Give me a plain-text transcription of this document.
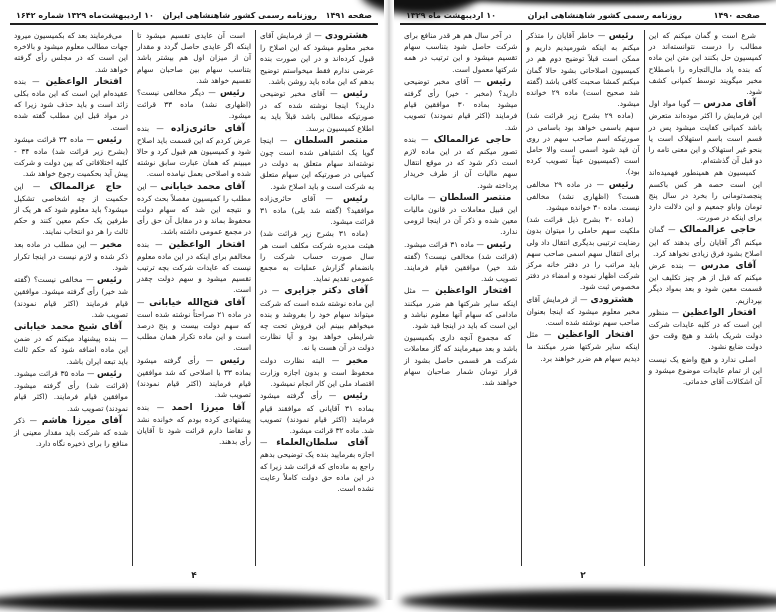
صفحه ۱۴۹۱
روزنامه رسمی کشور شاهنشاهی ایران
۱۰ اردیبهشت‌ماه ۱۳۲۹ شماره ۱۶۴۲

هشترودی — از فرمایش آقای مخبر معلوم میشود که این اصلاح را قبول کرده‌اند و در این صورت بنده عرضی ندارم فقط میخواستم توضیح بدهم که این ماده باید روشن باشد.

رئیس — آقای مخبر توضیحی دارید؟ اینجا نوشته شده که در صورتیکه مطالبی باشد قبلاً باید به اطلاع کمیسیون برسد.

منتصر السلطان — اینجا گویا یک اشتباهی شده است چون نوشته‌اند سهام متعلق به دولت در کمپانی در صورتیکه این سهام متعلق به شرکت است و باید اصلاح شود.

رئیس — آقای حائری‌زاده موافقید؟ (گفته شد بلی) ماده ۳۱ قرائت میشود.

(ماده ۳۱ بشرح زیر قرائت شد) هیئت مدیره شرکت مکلف است هر سال صورت حساب شرکت را بانضمام گزارش عملیات به مجمع عمومی تقدیم نماید.

آقای دکتر جزایری — در این ماده نوشته شده است که شرکت میتواند سهام خود را بفروشد و بنده میخواهم ببینم این فروش تحت چه شرایطی خواهد بود و آیا نظارت دولت در آن هست یا نه.

مخبر — البته نظارت دولت محفوظ است و بدون اجازه وزارت اقتصاد ملی این کار انجام نمیشود.

رئیس — رأی گرفته میشود بماده ۳۱ آقایانی که موافقند قیام فرمایند (اکثر قیام نمودند) تصویب شد. ماده ۳۲ قرائت میشود.

آقای سلطان‌العلماء — اجازه بفرمایید بنده یک توضیحی بدهم راجع به ماده‌ای که قرائت شد زیرا که در این ماده حق دولت کاملاً رعایت نشده است.

است آن عایدی تقسیم میشود تا اینکه اگر عایدی حاصل گردد و مقدار آن از میزان اول هم بیشتر باشد بتناسب سهام بین صاحبان سهام تقسیم خواهد شد.

رئیس — دیگر مخالفی نیست؟ (اظهاری نشد) ماده ۳۳ قرائت میشود.

آقای حائری‌زاده — بنده عرض کردم که این قسمت باید اصلاح شود و کمیسیون هم قبول کرد و حالا میبینم که همان عبارت سابق نوشته شده و اصلاحی بعمل نیامده است.

آقای محمد خیابانی — این مطلب را کمیسیون مفصلاً بحث کرده و نتیجه این شد که سهام دولت محفوظ بماند و در مقابل آن حق رأی در مجمع عمومی داشته باشد.

افتخار الواعظین — بنده مخالفم برای اینکه در این ماده معلوم نیست که عایدات شرکت بچه ترتیب تقسیم میشود و سهم دولت چقدر است.

آقای فتح‌الله خیابانی — در ماده ۲۱ صراحتاً نوشته شده است که سهم دولت بیست و پنج درصد است و این ماده تکرار همان مطلب است.

رئیس — رأی گرفته میشود بماده ۳۳ با اصلاحی که شد موافقین قیام فرمایند (اکثر قیام نمودند) تصویب شد.

آقا میرزا احمد — بنده پیشنهادی کرده بودم که خوانده نشد و تقاضا دارم قرائت شود تا آقایان رأی بدهند.

می‌فرمایند بعد که بکمیسیون میرود جهات مطالب معلوم میشود و بالاخره این است که در مجلس رأی گرفته خواهد شد.

افتخار الواعظین — بنده عقیده‌ام این است که این ماده بکلی زائد است و باید حذف شود زیرا که در مواد قبل این مطلب گفته شده است.

رئیس — ماده ۳۴ قرائت میشود (بشرح زیر قرائت شد) ماده ۳۴ - کلیه اختلافاتی که بین دولت و شرکت پیش آید بحکمیت رجوع خواهد شد.

حاج عزالممالک — این حکمیت از چه اشخاصی تشکیل میشود؟ باید معلوم شود که هر یک از طرفین یک حکم معین کنند و حکم ثالث را هر دو انتخاب نمایند.

مخبر — این مطلب در ماده بعد ذکر شده و لازم نیست در اینجا تکرار شود.

رئیس — مخالفی نیست؟ (گفته شد خیر) رأی گرفته میشود. موافقین قیام فرمایند (اکثر قیام نمودند) تصویب شد.

آقای شیخ محمد خیابانی — بنده پیشنهاد میکنم که در ضمن این ماده اضافه شود که حکم ثالث باید تبعه ایران باشد.

رئیس — ماده ۳۵ قرائت میشود. (قرائت شد) رأی گرفته میشود. موافقین قیام فرمایند. (اکثر قیام نمودند) تصویب شد.

آقای میرزا هاشم — ذکر شده که شرکت باید مقدار معینی از منافع را برای ذخیره نگاه دارد.

۴
صفحه ۱۴۹۰
روزنامه رسمی کشور شاهنشاهی ایران
۱۰ اردیبهشت ماه ۱۳۲۹

شرع است و گمان میکنم که این مطالب را درست نتوانسته‌اند در کمیسیون حل بکنند این متن این ماده که بنده یاد مال‌التجاره را باصطلاح مخبر میگویند توسط کمپانی کشف شود.

آقای مدرس — گویا مواد اول این فرمایش را اکثر موده‌اند متعرض باشد کمپانی کفایت میشود پس در قسم است باسم استهلاک است یا بنحو غیر استهلاک و این معنی تامه را دو قبل آن گذشته‌ام.

کمیسیون هم همینطور فهمیده‌اند این است حصه هر کس باکسم پنجصدتومانی را بخرد در سال پنج تومان واباو جمعیم و این دلالت دارد برای اینکه در صورت.

حاجی عزالممالک — گمان میکنم اگر آقایان رأی بدهند که این اصلاح بشود فرق زیادی نخواهد کرد.

آقای مدرس — بنده عرض میکنم که قبل از هر چیز تکلیف این قسمت معین شود و بعد بمواد دیگر بپردازیم.

افتخار الواعظین — منظور این است که در کلیه عایدات شرکت دولت شریک باشد و هیچ وقت حق دولت ضایع نشود.

اصلی ندارد و هیچ واضع یک نیست این از تمام عایدات موضوع میشود و آن اشکالات آقای خدماتی.

رئیس — خاطر آقایان را متذکر میکنم به اینکه شورمیدیم داریم و ممکن است قبلاً توضیح دوم هم در کمیسیون اصلاحاتی بشود حالا گمان میکنم کمشا صحبت کافی باشد (گفته شد صحیح است) ماده ۲۹ خوانده میشود.

(ماده ۲۹ بشرح زیر قرائت شد) سهم باسمی خواهد بود باسامی در صورتیکه اسم صاحب سهم در روی آن قید شود اسمی است والا حامل است (کمیسیون عیناً تصویب کرده بود).

رئیس — در ماده ۲۹ مخالفی هست؟ (اظهاری نشد) مخالفی نیست. ماده ۳۰ خوانده میشود.

(ماده ۳۰ بشرح ذیل قرائت شد) ملکیت سهم حاملی را میتوان بدون رضایت ترتیبی بدیگری انتقال داد ولی برای انتقال سهم اسمی صاحب سهم باید مراتب را در دفتر خانه مرکز شرکت اظهار نموده و امضاء در دفتر مخصوص ثبت شود.

هشترودی — از فرمایش آقای مخبر معلوم میشود که اینجا بعنوان صاحب سهم نوشته شده است.

افتخار الواعظین — مثل اینکه سایر شرکتها ضرر میکنند ما دیدیم سهام هم ضرر خواهند برد.

در آخر سال هم هر قدر منافع برای شرکت حاصل شود بتناسب سهام تقسیم میشود و این ترتیب در همه شرکتها معمول است.

رئیس — آقای مخبر توضیحی دارید؟ (مخبر - خیر) رأی گرفته میشود بماده ۳۰ موافقین قیام فرمایند (اکثر قیام نمودند) تصویب شد.

حاجی عزالممالک — بنده تصور میکنم که در این ماده لازم است ذکر شود که در موقع انتقال سهم مالیات آن از طرف خریدار پرداخته شود.

منتصر السلطان — مالیات این قبیل معاملات در قانون مالیات معین شده و ذکر آن در اینجا لزومی ندارد.

رئیس — ماده ۳۱ قرائت میشود. (قرائت شد) مخالفی نیست؟ (گفته شد خیر) موافقین قیام فرمایند. تصویب شد.

افتخار الواعظین — مثل اینکه سایر شرکتها هم ضرر میکنند مادامی که سهام آنها معلوم نباشد و این است که باید در اینجا قید شود.

که مجموع آنچه داری بکمیسیون باشد و بعد میفرمایند که گاز معاملات شرکت هر قسمی حاصل بشود از قرار تومان شمار صاحبان سهام خواهند شد.

۲
